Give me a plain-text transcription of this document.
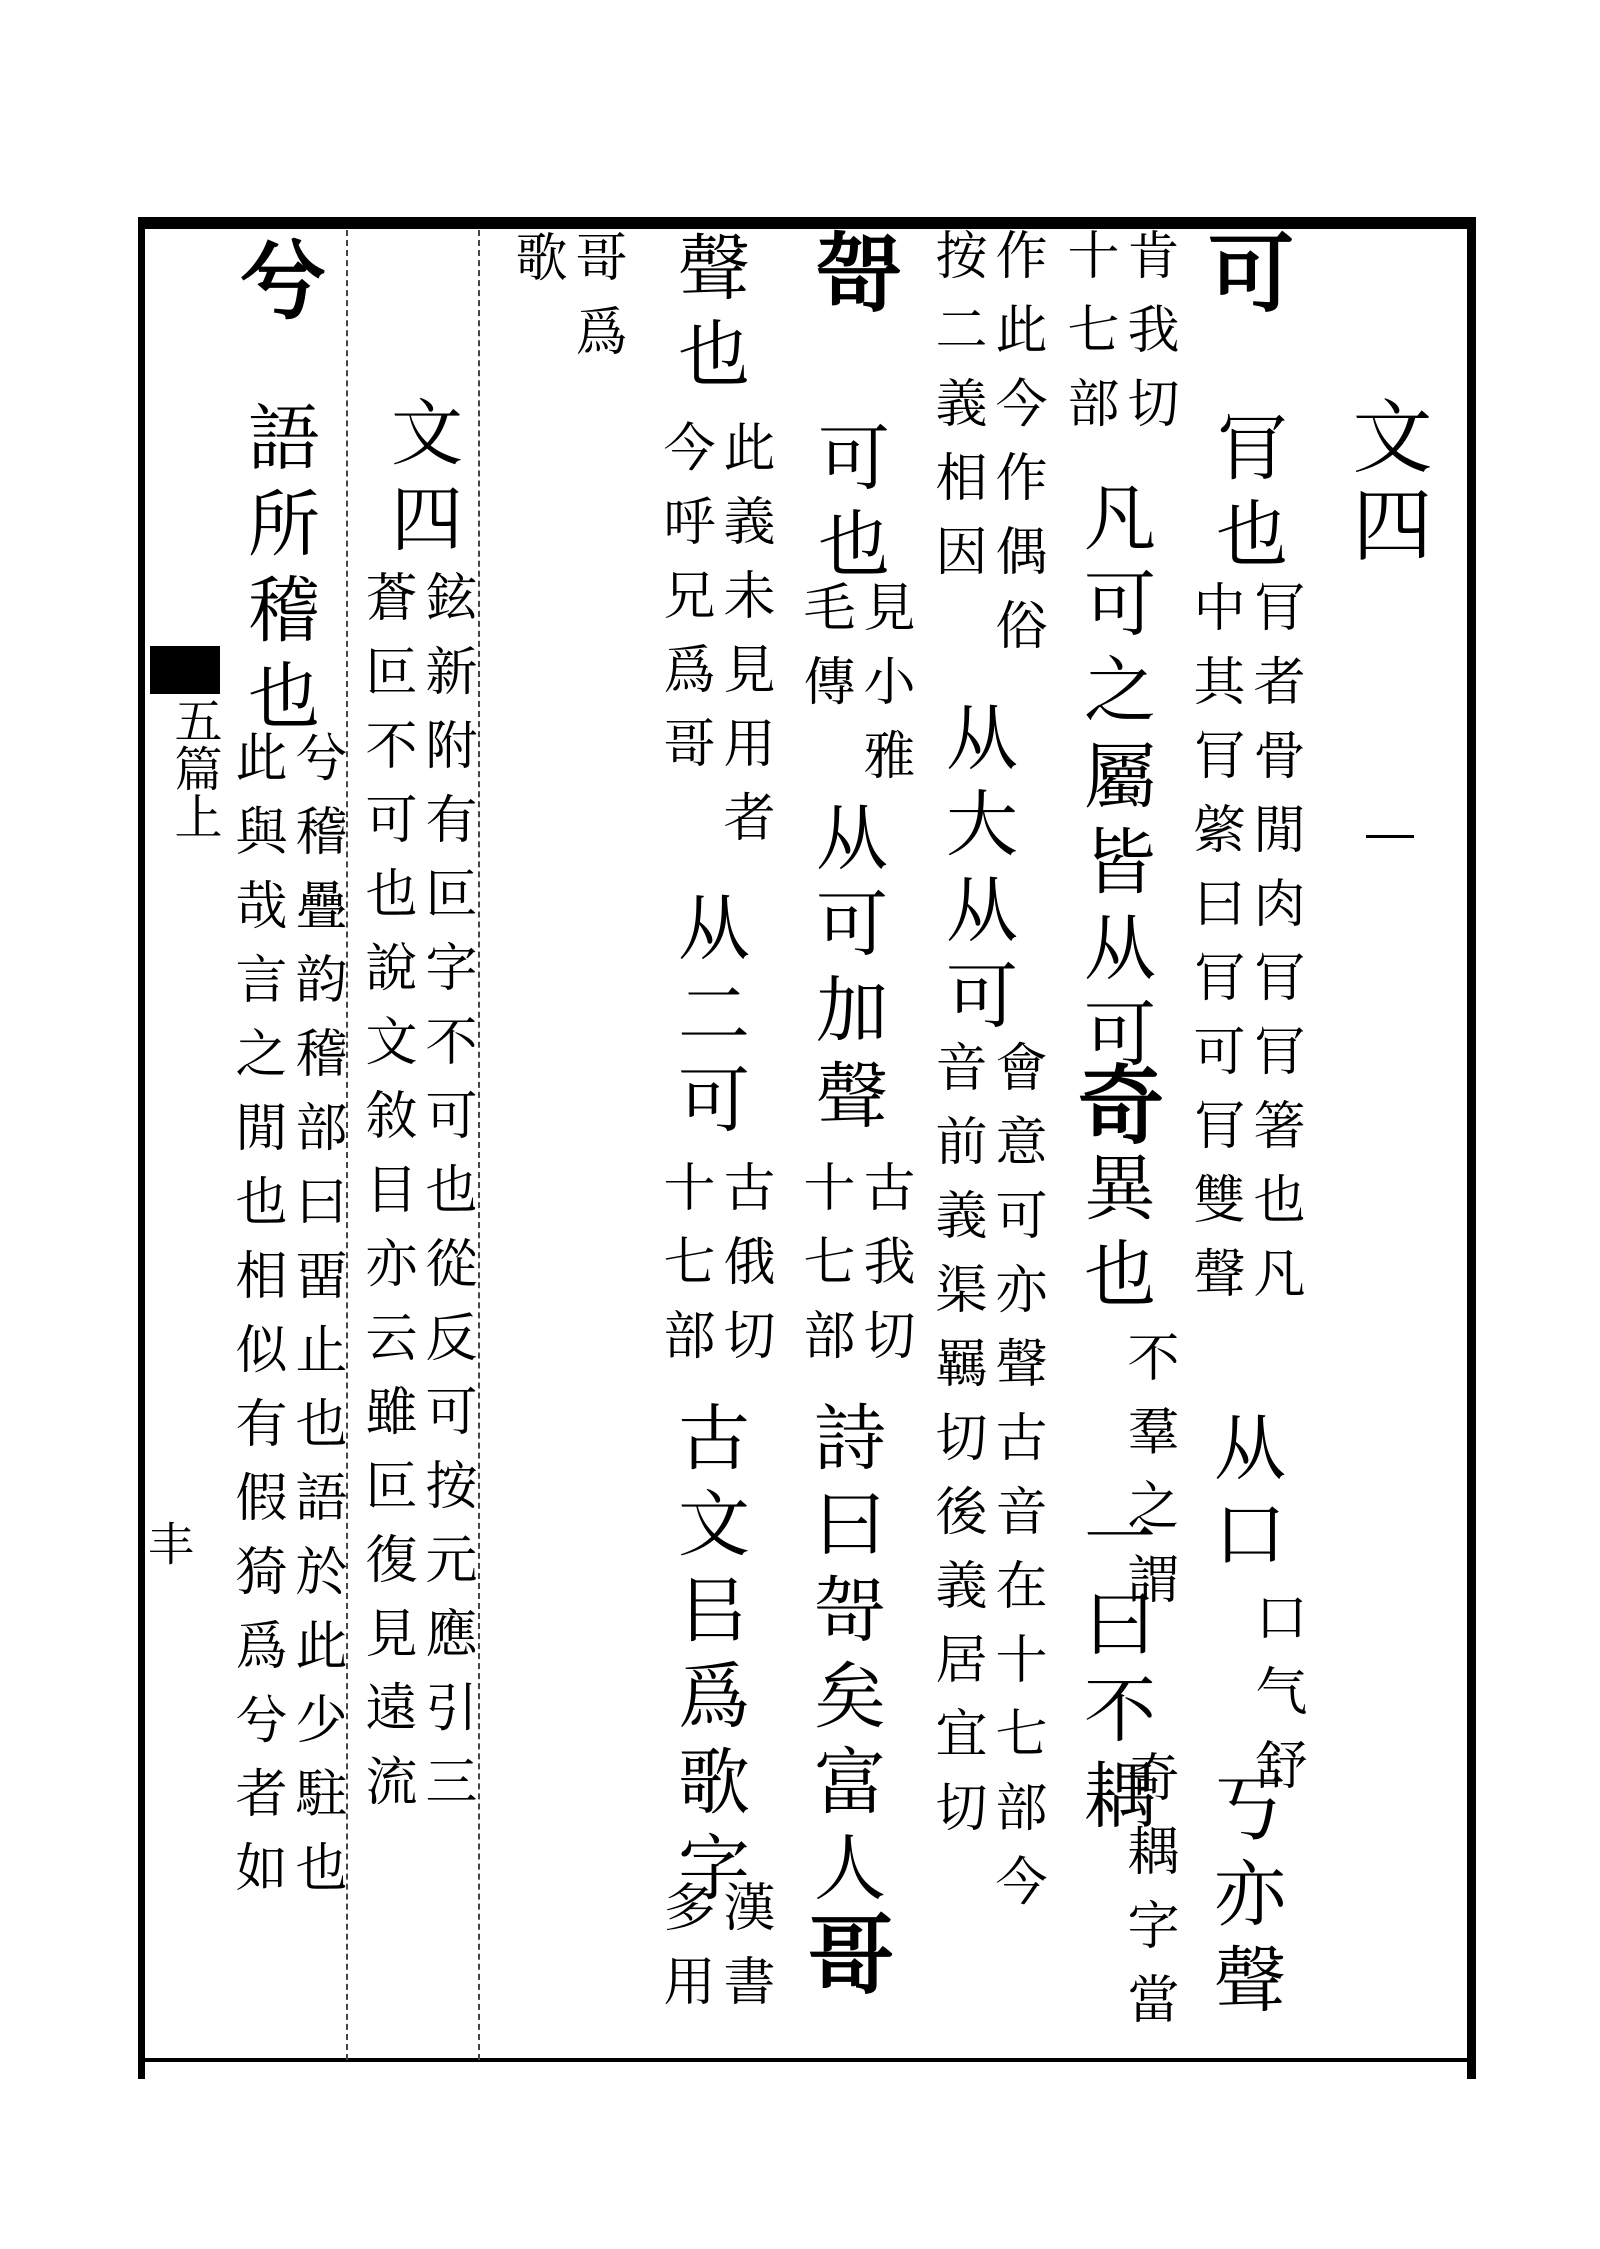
五篇上
丰
文四
可
肎也
肎者骨閒肉肎肎箸也凡
中其肎綮曰肎可肎雙聲
从口
口气舒
丂亦聲
肯我切
十七部
凡可之屬皆从可
奇
異也
不羣之謂
一曰不耦
奇耦字當
作此今作偶俗
按二義相因
从大从可
會意可亦聲古音在十七部今
音前義渠羈切後義居宜切
哿
可也
見小雅
毛傳
从可加聲
古我切
十七部
詩曰哿矣富人
哥
聲也
此義未見用者
今呼兄爲哥
从二可
古俄切
十七部
古文㠯爲歌字
漢書
多用
哥爲
歌
文四
鉉新附有叵字不可也從反可按元應引三
蒼叵不可也說文敘目亦云雖叵復見遠流
兮
語所稽也
兮稽疊韵稽部曰畱止也語於此少駐也
此與哉言之閒也相似有假猗爲兮者如
